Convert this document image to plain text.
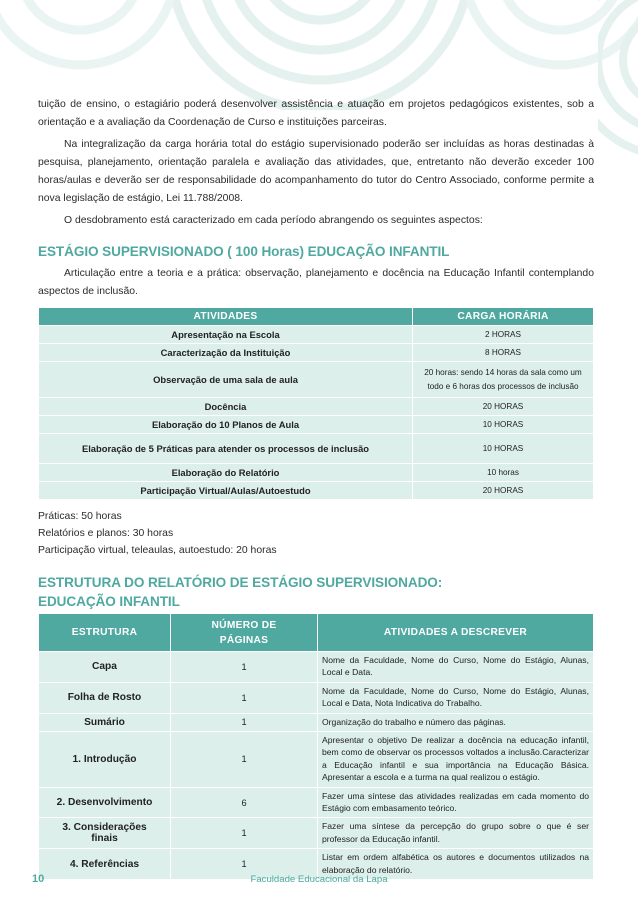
tuição de ensino, o estagiário poderá desenvolver assistência e atuação em projetos pedagógicos existentes, sob a orientação e a avaliação da Coordenação de Curso e instituições parceiras.

Na integralização da carga horária total do estágio supervisionado poderão ser incluídas as horas destinadas à pesquisa, planejamento, orientação paralela e avaliação das atividades, que, entretanto não deverão exceder 100 horas/aulas e deverão ser de responsabilidade do acompanhamento do tutor do Centro Associado, conforme permite a nova legislação de estágio, Lei 11.788/2008.

O desdobramento está caracterizado em cada período abrangendo os seguintes aspectos:

ESTÁGIO SUPERVISIONADO ( 100 Horas) EDUCAÇÃO INFANTIL

Articulação entre a teoria e a prática: observação, planejamento e docência na Educação Infantil contemplando aspectos de inclusão.

ATIVIDADES	CARGA HORÁRIA
Apresentação na Escola	2 HORAS
Caracterização da Instituição	8 HORAS
Observação de uma sala de aula	20 horas: sendo 14 horas da sala como um todo e 6 horas dos processos de inclusão
Docência	20 HORAS
Elaboração do 10 Planos de Aula	10 HORAS
Elaboração de 5 Práticas para atender os processos de inclusão	10 HORAS
Elaboração do Relatório	10 horas
Participação Virtual/Aulas/Autoestudo	20 HORAS

Práticas: 50 horas

Relatórios e planos: 30 horas

Participação virtual, teleaulas, autoestudo: 20 horas

ESTRUTURA DO RELATÓRIO DE ESTÁGIO SUPERVISIONADO:
EDUCAÇÃO INFANTIL
ESTRUTURA	NÚMERO DE PÁGINAS	ATIVIDADES A DESCREVER
Capa	1	Nome da Faculdade, Nome do Curso, Nome do Estágio, Alunas, Local e Data.
Folha de Rosto	1	Nome da Faculdade, Nome do Curso, Nome do Estágio, Alunas, Local e Data, Nota Indicativa do Trabalho.
Sumário	1	Organização do trabalho e número das páginas.
1. Introdução	1	Apresentar o objetivo De realizar a docência na educação infantil, bem como de observar os processos voltados a inclusão.Caracterizar a Educação infantil e sua importância na Educação Básica. Apresentar a escola e a turma na qual realizou o estágio.
2. Desenvolvimento	6	Fazer uma síntese das atividades realizadas em cada momento do Estágio com embasamento teórico.
3. Considerações finais	1	Fazer uma síntese da percepção do grupo sobre o que é ser professor da Educação infantil.
4. Referências	1	Listar em ordem alfabética os autores e documentos utilizados na elaboração do relatório.
Faculdade Educacional da Lapa
10
